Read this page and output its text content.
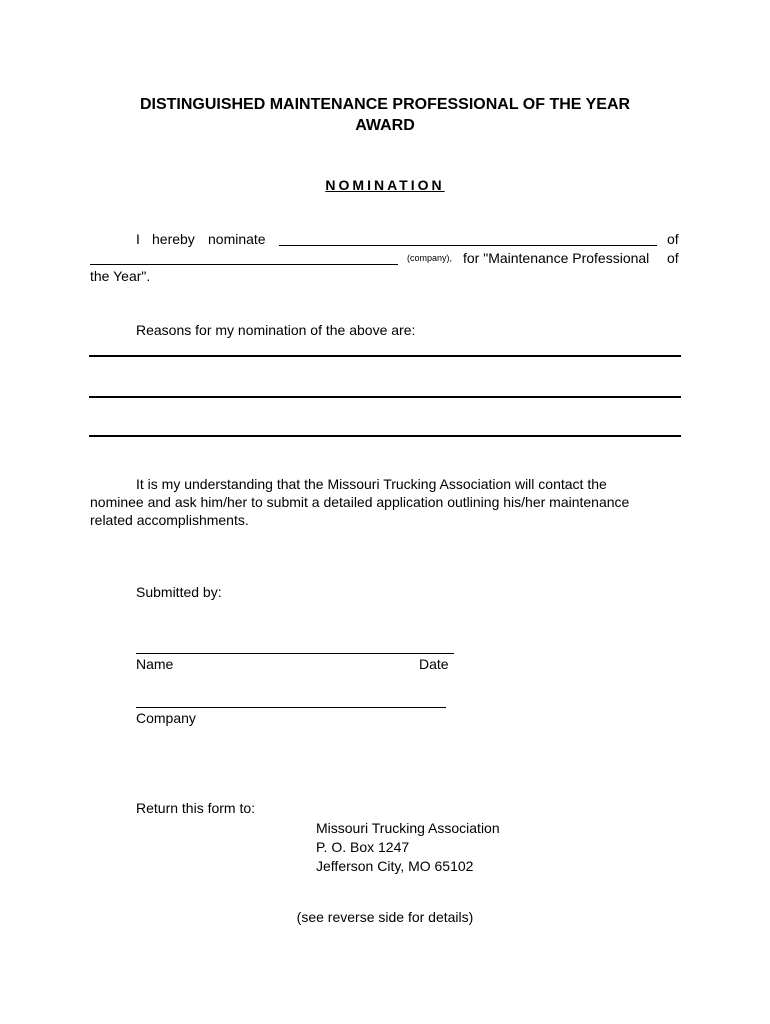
DISTINGUISHED MAINTENANCE PROFESSIONAL OF THE YEAR
AWARD
NOMINATION
I hereby nominate	of
(company), for "Maintenance Professional of
the Year".
Reasons for my nomination of the above are:
It is my understanding that the Missouri Trucking Association will contact the
nominee and ask him/her to submit a detailed application outlining his/her maintenance
related accomplishments.
Submitted by:
Name	Date
Company
Return this form to:
Missouri Trucking Association
P. O. Box 1247
Jefferson City, MO 65102
(see reverse side for details)
